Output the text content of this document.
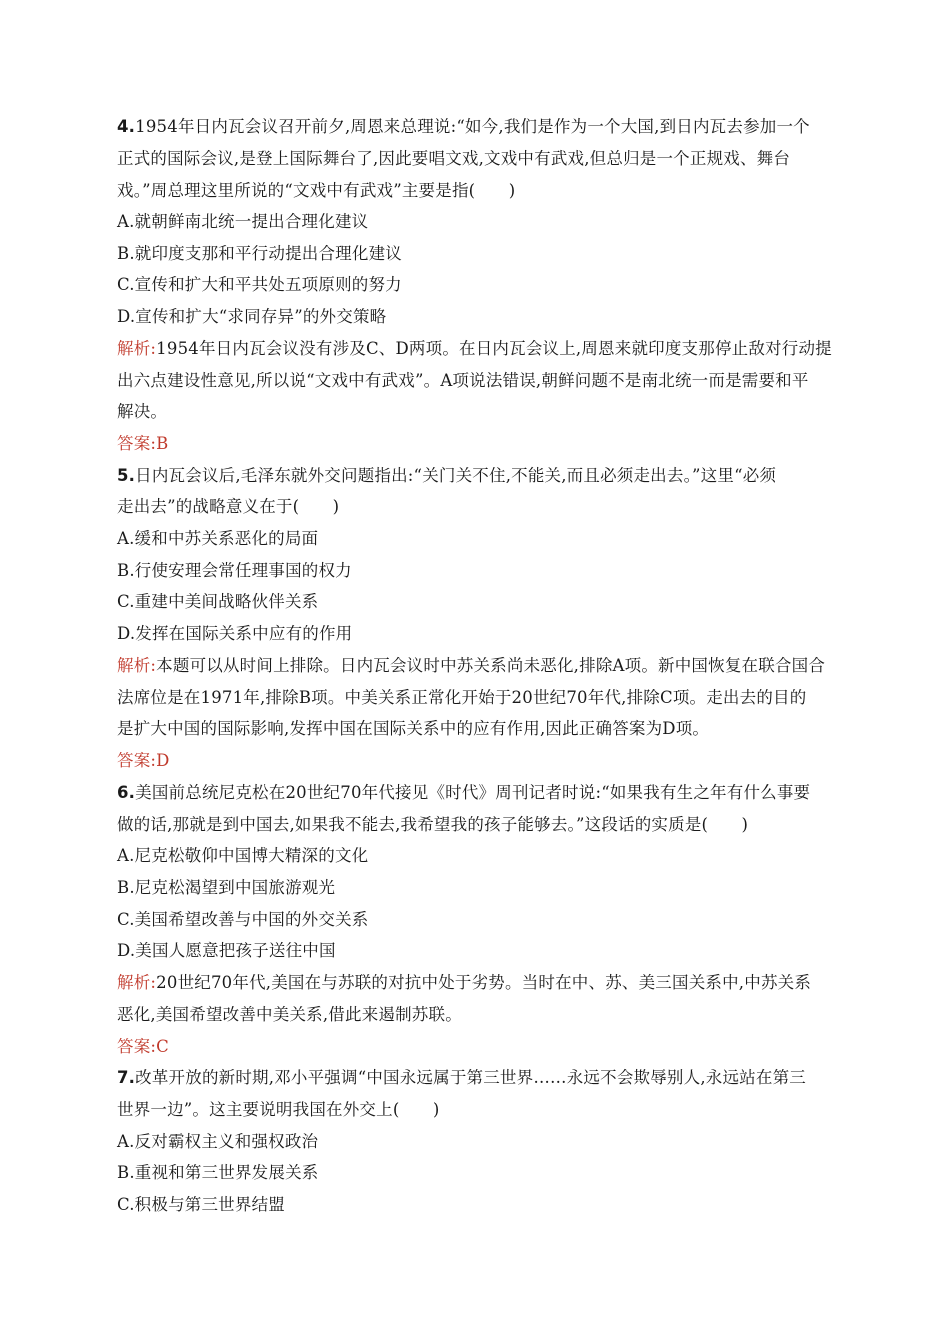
4.1954年日内瓦会议召开前夕,周恩来总理说:“如今,我们是作为一个大国,到日内瓦去参加一个
正式的国际会议,是登上国际舞台了,因此要唱文戏,文戏中有武戏,但总归是一个正规戏、舞台
戏。”周总理这里所说的“文戏中有武戏”主要是指(　　)
A.就朝鲜南北统一提出合理化建议
B.就印度支那和平行动提出合理化建议
C.宣传和扩大和平共处五项原则的努力
D.宣传和扩大“求同存异”的外交策略
解析:1954年日内瓦会议没有涉及C、D两项。在日内瓦会议上,周恩来就印度支那停止敌对行动提
出六点建设性意见,所以说“文戏中有武戏”。A项说法错误,朝鲜问题不是南北统一而是需要和平
解决。
答案:B
5.日内瓦会议后,毛泽东就外交问题指出:“关门关不住,不能关,而且必须走出去。”这里“必须
走出去”的战略意义在于(　　)
A.缓和中苏关系恶化的局面
B.行使安理会常任理事国的权力
C.重建中美间战略伙伴关系
D.发挥在国际关系中应有的作用
解析:本题可以从时间上排除。日内瓦会议时中苏关系尚未恶化,排除A项。新中国恢复在联合国合
法席位是在1971年,排除B项。中美关系正常化开始于20世纪70年代,排除C项。走出去的目的
是扩大中国的国际影响,发挥中国在国际关系中的应有作用,因此正确答案为D项。
答案:D
6.美国前总统尼克松在20世纪70年代接见《时代》周刊记者时说:“如果我有生之年有什么事要
做的话,那就是到中国去,如果我不能去,我希望我的孩子能够去。”这段话的实质是(　　)
A.尼克松敬仰中国博大精深的文化
B.尼克松渴望到中国旅游观光
C.美国希望改善与中国的外交关系
D.美国人愿意把孩子送往中国
解析:20世纪70年代,美国在与苏联的对抗中处于劣势。当时在中、苏、美三国关系中,中苏关系
恶化,美国希望改善中美关系,借此来遏制苏联。
答案:C
7.改革开放的新时期,邓小平强调“中国永远属于第三世界……永远不会欺辱别人,永远站在第三
世界一边”。这主要说明我国在外交上(　　)
A.反对霸权主义和强权政治
B.重视和第三世界发展关系
C.积极与第三世界结盟
